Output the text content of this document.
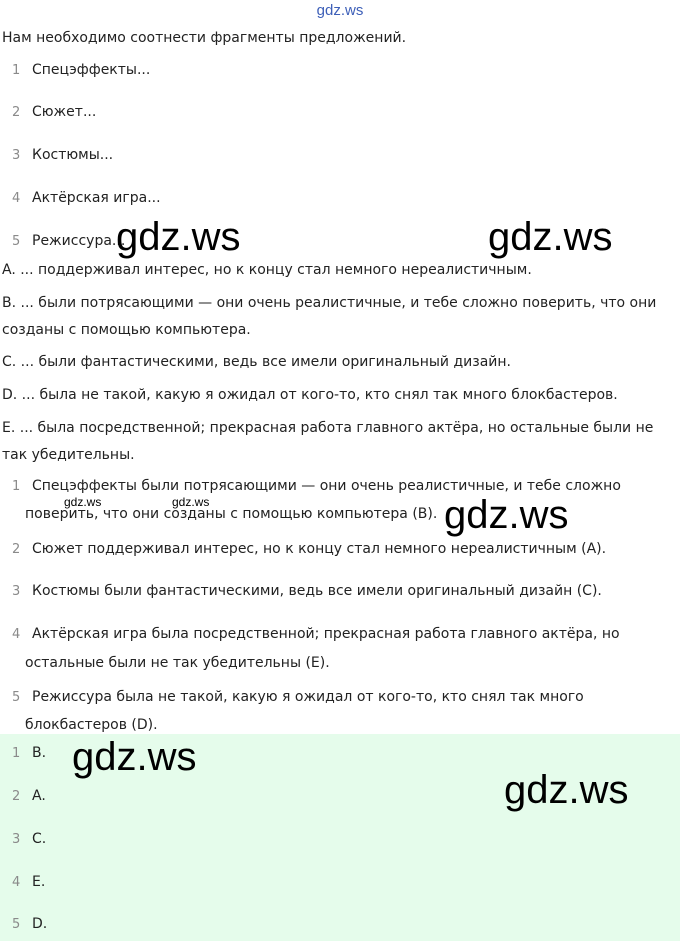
gdz.ws
Нам необходимо соотнести фрагменты предложений.
1 Спецэффекты...
2 Сюжет...
3 Костюмы...
4 Актёрская игра...
5 Режиссура...
A. ... поддерживал интерес, но к концу стал немного нереалистичным.
B. ... были потрясающими — они очень реалистичные, и тебе сложно поверить, что они созданы с помощью компьютера.
C. ... были фантастическими, ведь все имели оригинальный дизайн.
D. ... была не такой, какую я ожидал от кого-то, кто снял так много блокбастеров.
E. ... была посредственной; прекрасная работа главного актёра, но остальные были не так убедительны.
1 Спецэффекты были потрясающими — они очень реалистичные, и тебе сложно
поверить, что они созданы с помощью компьютера (B).
2 Сюжет поддерживал интерес, но к концу стал немного нереалистичным (A).
3 Костюмы были фантастическими, ведь все имели оригинальный дизайн (C).
4 Актёрская игра была посредственной; прекрасная работа главного актёра, но
остальные были не так убедительны (E).
5 Режиссура была не такой, какую я ожидал от кого-то, кто снял так много
блокбастеров (D).
1 B.
2 A.
3 C.
4 E.
5 D.
gdz.ws	gdz.ws
gdz.ws
gdz.ws	gdz.ws
gdz.ws
gdz.ws
